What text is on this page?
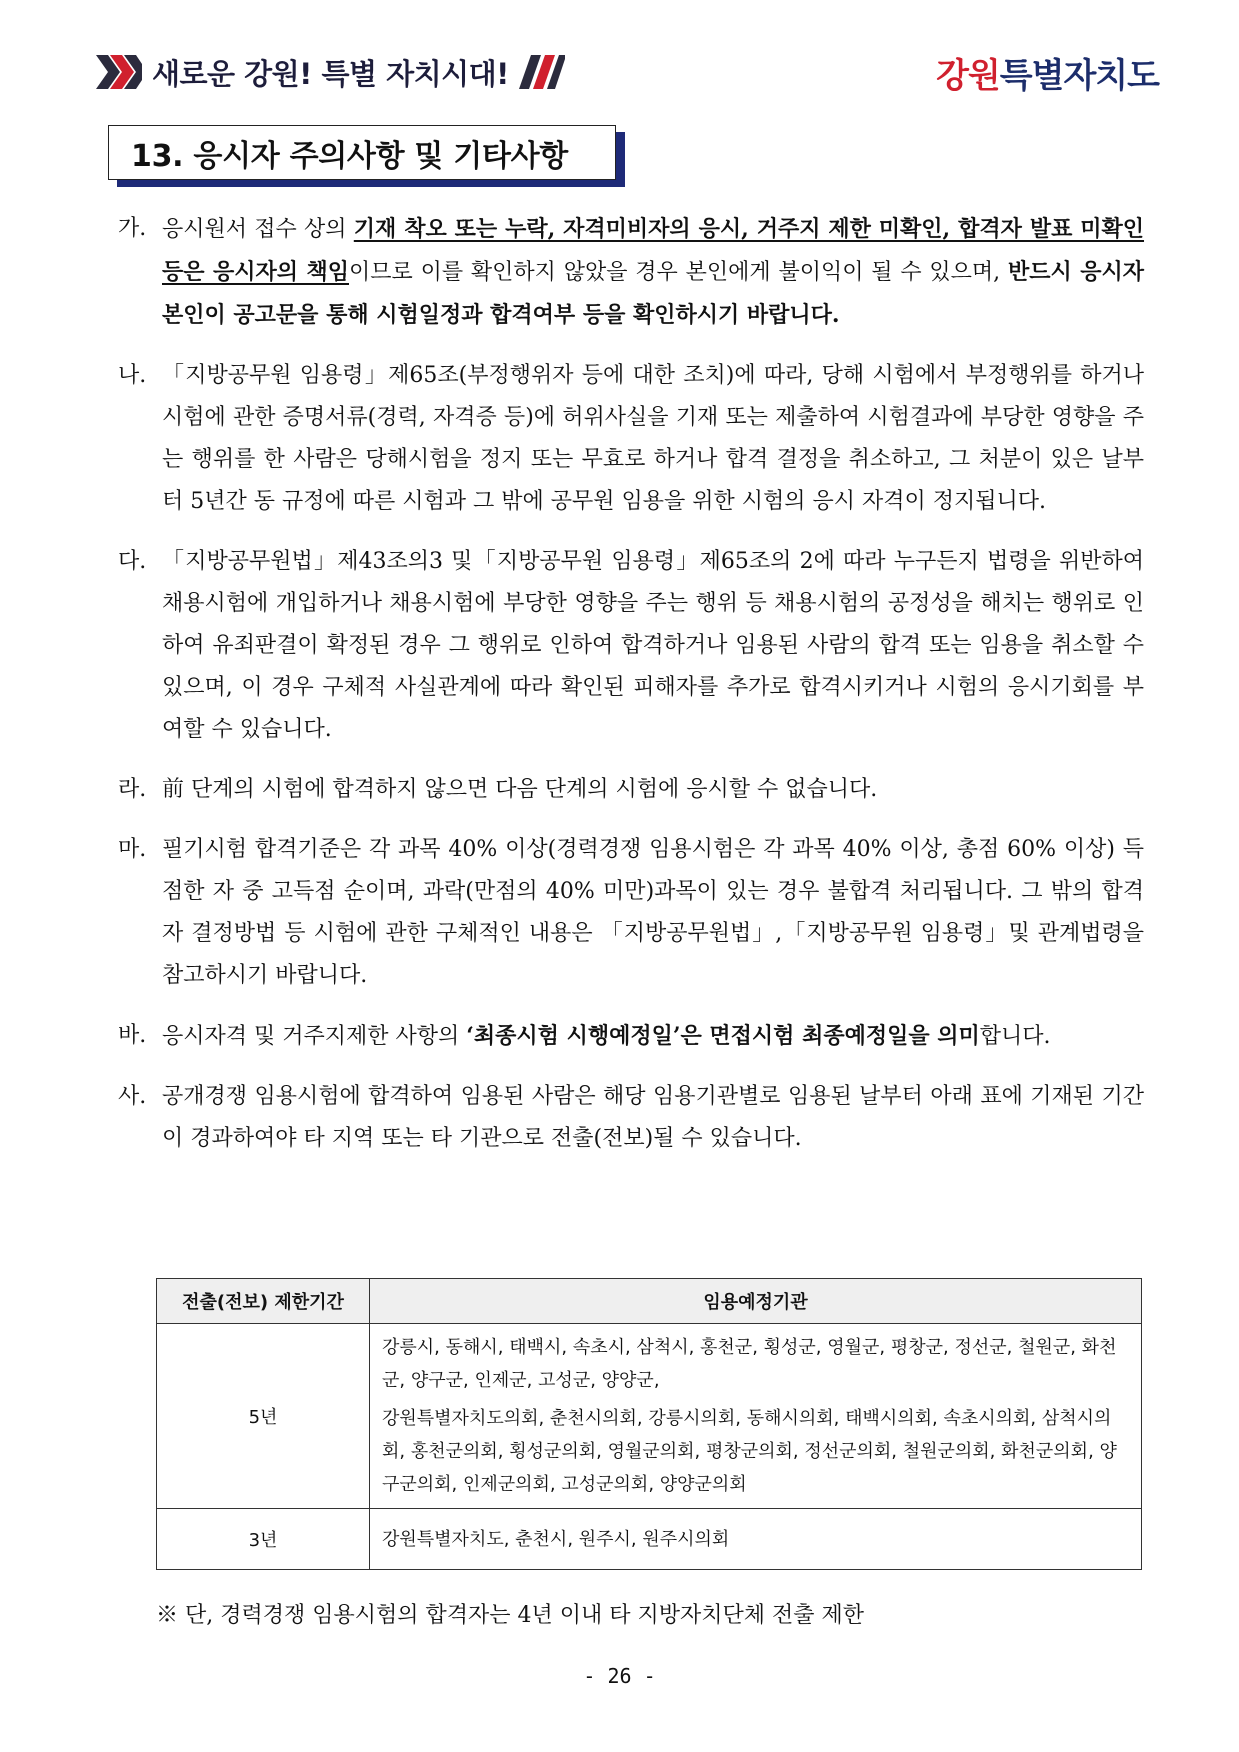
새로운 강원! 특별 자치시대!	강원특별자치도
13. 응시자 주의사항 및 기타사항
가. 응시원서 접수 상의 기재 착오 또는 누락, 자격미비자의 응시, 거주지 제한 미확인, 합격자 발표 미확인 등은 응시자의 책임이므로 이를 확인하지 않았을 경우 본인에게 불이익이 될 수 있으며, 반드시 응시자 본인이 공고문을 통해 시험일정과 합격여부 등을 확인하시기 바랍니다.
나. 「지방공무원 임용령」제65조(부정행위자 등에 대한 조치)에 따라, 당해 시험에서 부정행위를 하거나 시험에 관한 증명서류(경력, 자격증 등)에 허위사실을 기재 또는 제출하여 시험결과에 부당한 영향을 주는 행위를 한 사람은 당해시험을 정지 또는 무효로 하거나 합격 결정을 취소하고, 그 처분이 있은 날부터 5년간 동 규정에 따른 시험과 그 밖에 공무원 임용을 위한 시험의 응시 자격이 정지됩니다.
다. 「지방공무원법」제43조의3 및「지방공무원 임용령」제65조의 2에 따라 누구든지 법령을 위반하여 채용시험에 개입하거나 채용시험에 부당한 영향을 주는 행위 등 채용시험의 공정성을 해치는 행위로 인하여 유죄판결이 확정된 경우 그 행위로 인하여 합격하거나 임용된 사람의 합격 또는 임용을 취소할 수 있으며, 이 경우 구체적 사실관계에 따라 확인된 피해자를 추가로 합격시키거나 시험의 응시기회를 부여할 수 있습니다.
라. 前 단계의 시험에 합격하지 않으면 다음 단계의 시험에 응시할 수 없습니다.
마. 필기시험 합격기준은 각 과목 40% 이상(경력경쟁 임용시험은 각 과목 40% 이상, 총점 60% 이상) 득점한 자 중 고득점 순이며, 과락(만점의 40% 미만)과목이 있는 경우 불합격 처리됩니다. 그 밖의 합격자 결정방법 등 시험에 관한 구체적인 내용은 「지방공무원법」,「지방공무원 임용령」및 관계법령을 참고하시기 바랍니다.
바. 응시자격 및 거주지제한 사항의 ‘최종시험 시행예정일’은 면접시험 최종예정일을 의미합니다.
사. 공개경쟁 임용시험에 합격하여 임용된 사람은 해당 임용기관별로 임용된 날부터 아래 표에 기재된 기간이 경과하여야 타 지역 또는 타 기관으로 전출(전보)될 수 있습니다.
전출(전보) 제한기간	임용예정기관
5년	강릉시, 동해시, 태백시, 속초시, 삼척시, 홍천군, 횡성군, 영월군, 평창군, 정선군, 철원군, 화천군, 양구군, 인제군, 고성군, 양양군,

강원특별자치도의회, 춘천시의회, 강릉시의회, 동해시의회, 태백시의회, 속초시의회, 삼척시의회, 홍천군의회, 횡성군의회, 영월군의회, 평창군의회, 정선군의회, 철원군의회, 화천군의회, 양구군의회, 인제군의회, 고성군의회, 양양군의회

3년	강원특별자치도, 춘천시, 원주시, 원주시의회
※ 단, 경력경쟁 임용시험의 합격자는 4년 이내 타 지방자치단체 전출 제한
- 26 -
